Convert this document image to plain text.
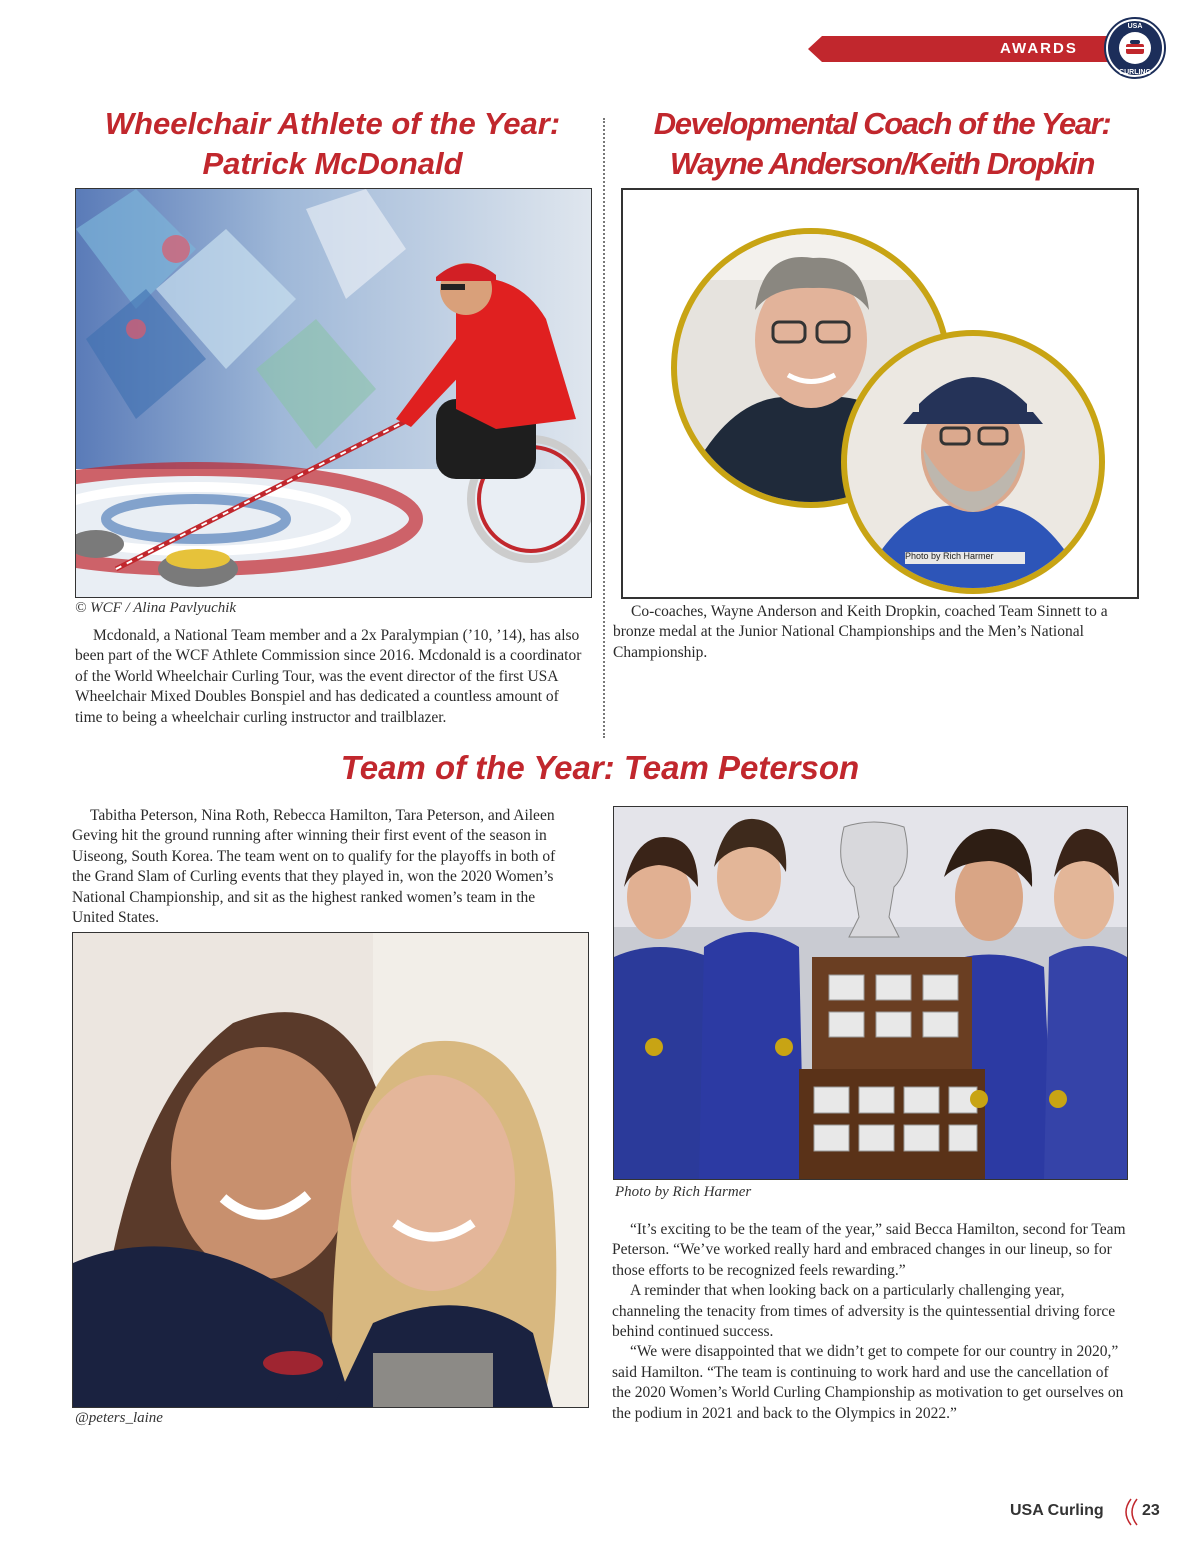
AWARDS
USA
CURLING
Wheelchair Athlete of the Year:
Patrick McDonald
Developmental Coach of the Year:
Wayne Anderson/Keith Dropkin
© WCF / Alina Pavlyuchik

Mcdonald, a National Team member and a 2x Paralympian (’10, ’14), has also been part of the WCF Athlete Commission since 2016. Mcdonald is a coordinator of the World Wheelchair Curling Tour, was the event director of the first USA Wheelchair Mixed Doubles Bonspiel and has dedicated a countless amount of time to being a wheelchair curling instructor and trailblazer.

Photo by Rich Harmer

Co-coaches, Wayne Anderson and Keith Dropkin, coached Team Sinnett to a bronze medal at the Junior National Championships and the Men’s National Championship.

Team of the Year: Team Peterson

Tabitha Peterson, Nina Roth, Rebecca Hamilton, Tara Peterson, and Aileen Geving hit the ground running after winning their first event of the season in Uiseong, South Korea. The team went on to qualify for the playoffs in both of the Grand Slam of Curling events that they played in, won the 2020 Women’s National Championship, and sit as the highest ranked women’s team in the United States.

@peters_laine
Photo by Rich Harmer

“It’s exciting to be the team of the year,” said Becca Hamilton, second for Team Peterson. “We’ve worked really hard and embraced changes in our lineup, so for those efforts to be recognized feels rewarding.”

A reminder that when looking back on a particularly challenging year, channeling the tenacity from times of adversity is the quintessential driving force behind continued success.

“We were disappointed that we didn’t get to compete for our country in 2020,” said Hamilton. “The team is continuing to work hard and use the cancellation of the 2020 Women’s World Curling Championship as motivation to get ourselves on the podium in 2021 and back to the Olympics in 2022.”

USA Curling 23
